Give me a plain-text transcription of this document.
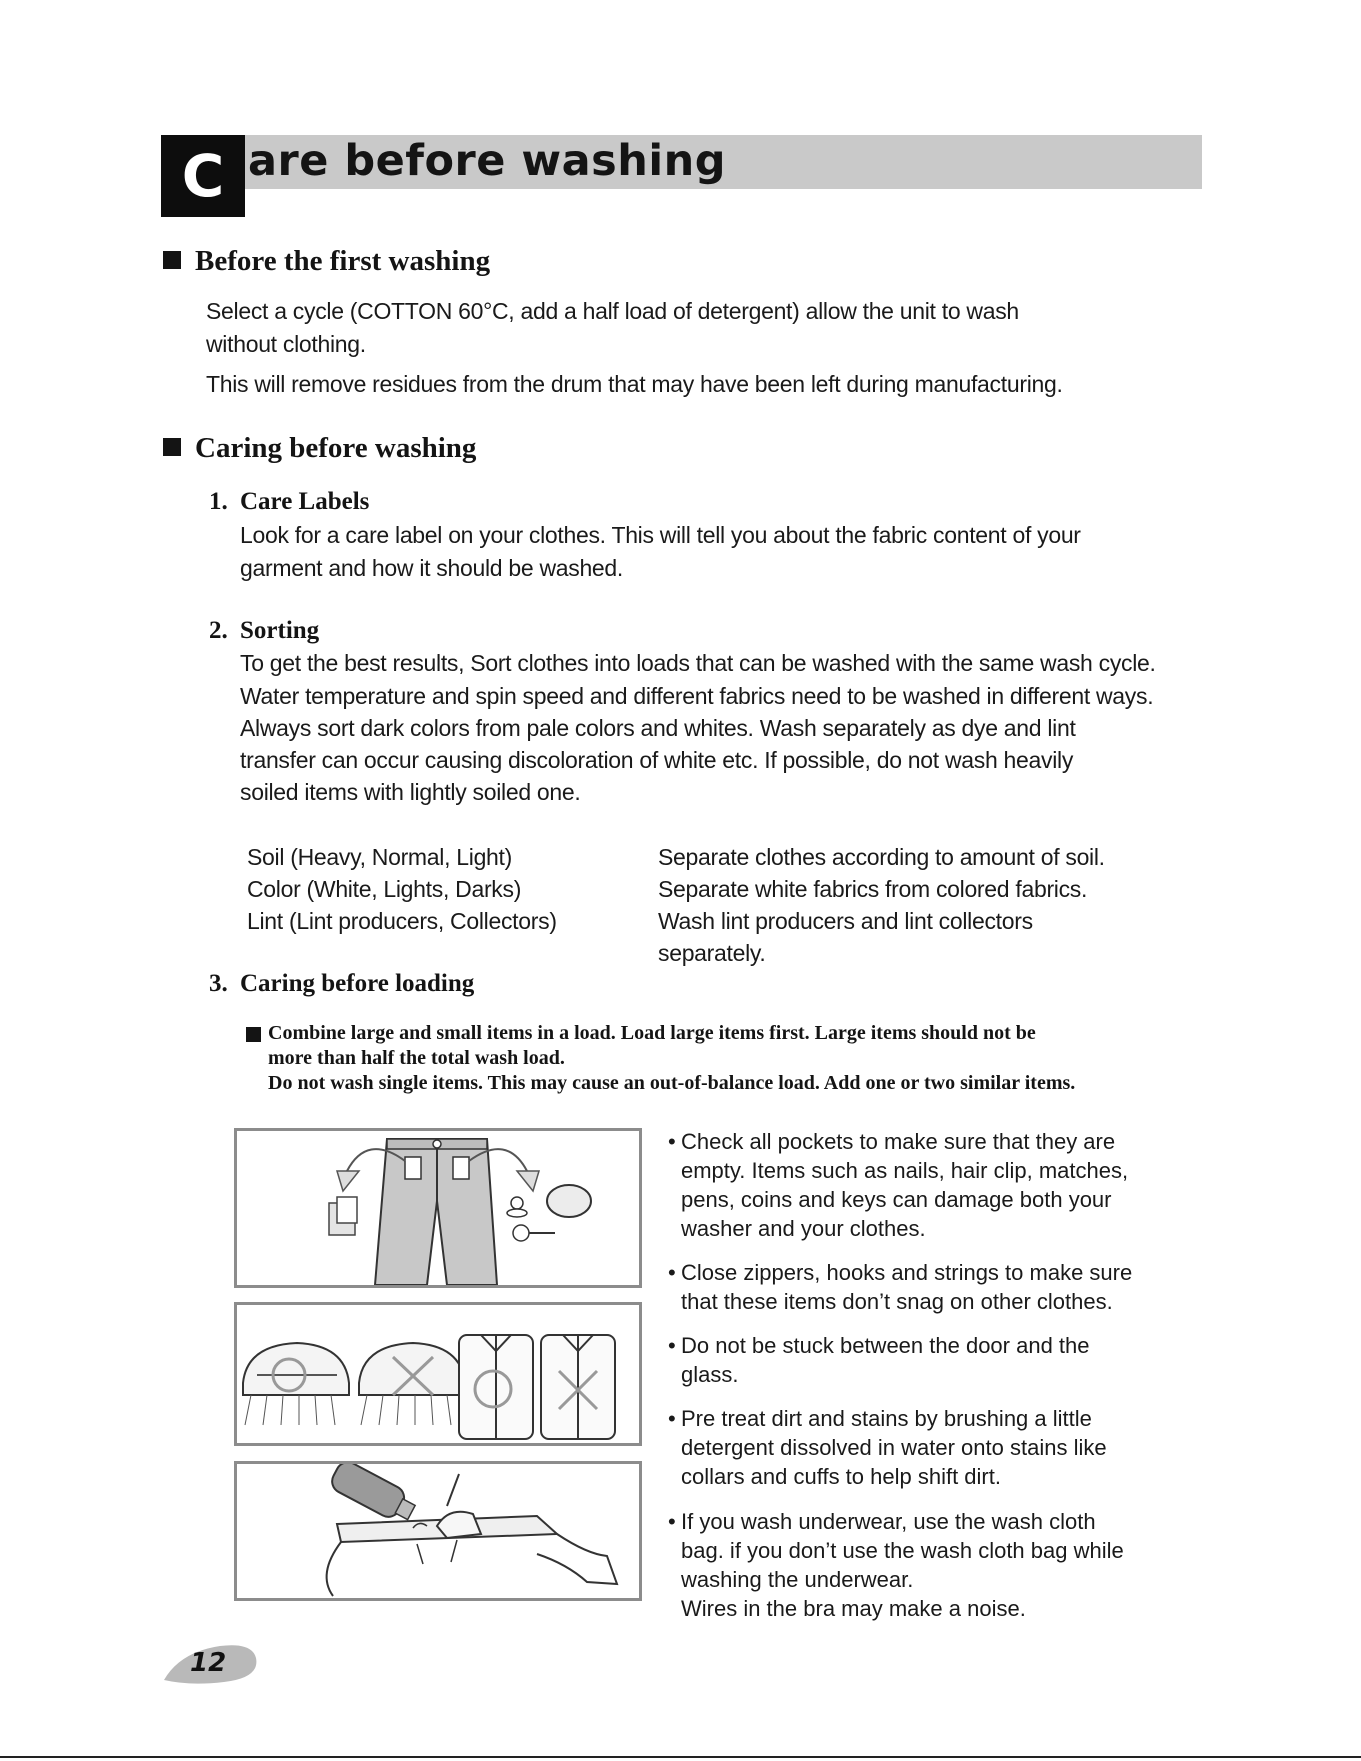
C are before washing
Before the first washing
Select a cycle (COTTON 60°C, add a half load of detergent) allow the unit to wash
without clothing.
This will remove residues from the drum that may have been left during manufacturing.
Caring before washing
1. Care Labels
Look for a care label on your clothes. This will tell you about the fabric content of your
garment and how it should be washed.
2. Sorting
To get the best results, Sort clothes into loads that can be washed with the same wash cycle.
Water temperature and spin speed and different fabrics need to be washed in different ways.
Always sort dark colors from pale colors and whites. Wash separately as dye and lint
transfer can occur causing discoloration of white etc. If possible, do not wash heavily
soiled items with lightly soiled one.
Soil (Heavy, Normal, Light)	Separate clothes according to amount of soil.
Color (White, Lights, Darks)	Separate white fabrics from colored fabrics.
Lint (Lint producers, Collectors)	Wash lint producers and lint collectors
separately.
3. Caring before loading
Combine large and small items in a load. Load large items first. Large items should not be
more than half the total wash load.
Do not wash single items. This may cause an out-of-balance load. Add one or two similar items.
• Check all pockets to make sure that they are
empty. Items such as nails, hair clip, matches,
pens, coins and keys can damage both your
washer and your clothes.
• Close zippers, hooks and strings to make sure
that these items don’t snag on other clothes.
• Do not be stuck between the door and the
glass.
• Pre treat dirt and stains by brushing a little
detergent dissolved in water onto stains like
collars and cuffs to help shift dirt.
• If you wash underwear, use the wash cloth
bag. if you don’t use the wash cloth bag while
washing the underwear.
Wires in the bra may make a noise.
12
